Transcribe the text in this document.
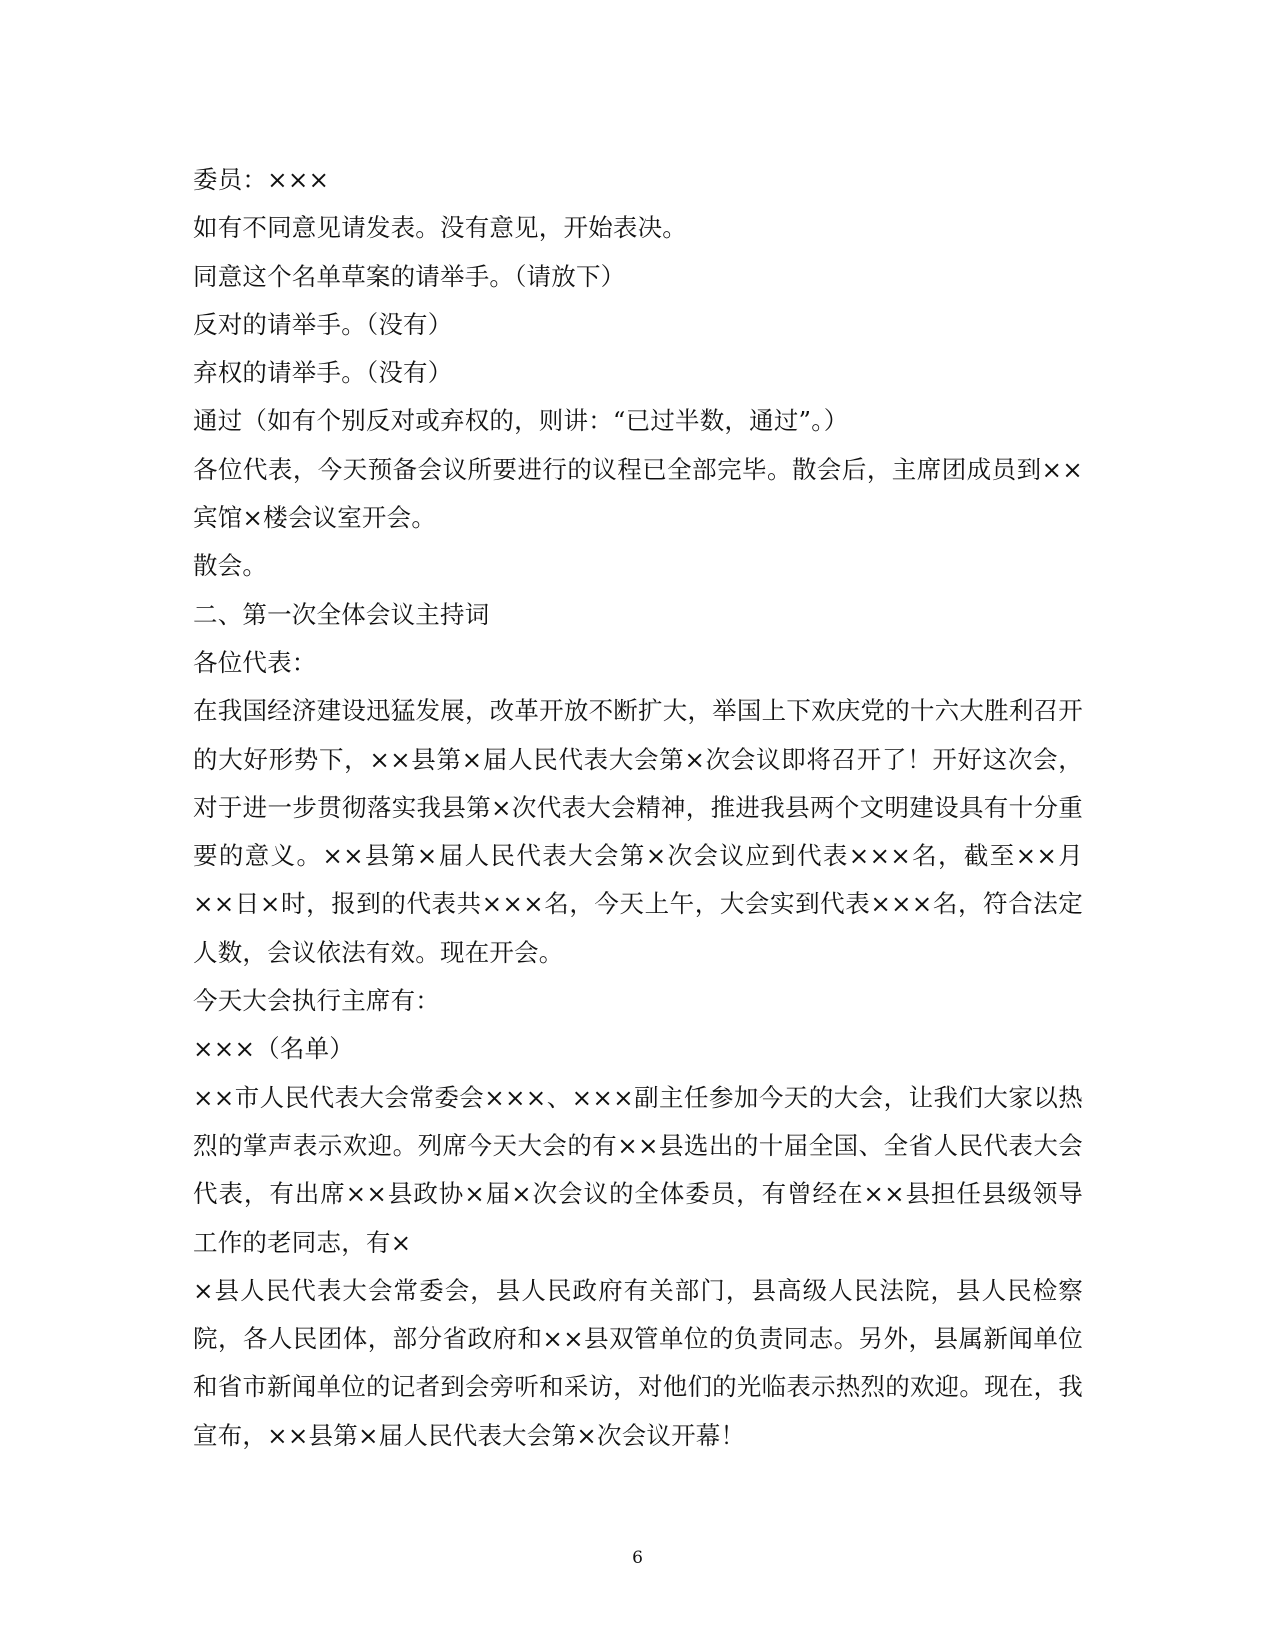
委员：×××

如有不同意见请发表。没有意见，开始表决。

同意这个名单草案的请举手。（请放下）

反对的请举手。（没有）

弃权的请举手。（没有）

通过（如有个别反对或弃权的，则讲：“已过半数，通过”。）

各位代表，今天预备会议所要进行的议程已全部完毕。散会后，主席团成员到××宾馆×楼会议室开会。

散会。

二、第一次全体会议主持词

各位代表：

在我国经济建设迅猛发展，改革开放不断扩大，举国上下欢庆党的十六大胜利召开的大好形势下，××县第×届人民代表大会第×次会议即将召开了！开好这次会，对于进一步贯彻落实我县第×次代表大会精神，推进我县两个文明建设具有十分重要的意义。××县第×届人民代表大会第×次会议应到代表×××名，截至××月××日×时，报到的代表共×××名，今天上午，大会实到代表×××名，符合法定人数，会议依法有效。现在开会。

今天大会执行主席有：

×××（名单）

××市人民代表大会常委会×××、×××副主任参加今天的大会，让我们大家以热烈的掌声表示欢迎。列席今天大会的有××县选出的十届全国、全省人民代表大会代表，有出席××县政协×届×次会议的全体委员，有曾经在××县担任县级领导工作的老同志，有×

×县人民代表大会常委会，县人民政府有关部门，县高级人民法院，县人民检察院，各人民团体，部分省政府和××县双管单位的负责同志。另外，县属新闻单位和省市新闻单位的记者到会旁听和采访，对他们的光临表示热烈的欢迎。现在，我宣布，××县第×届人民代表大会第×次会议开幕！

6
